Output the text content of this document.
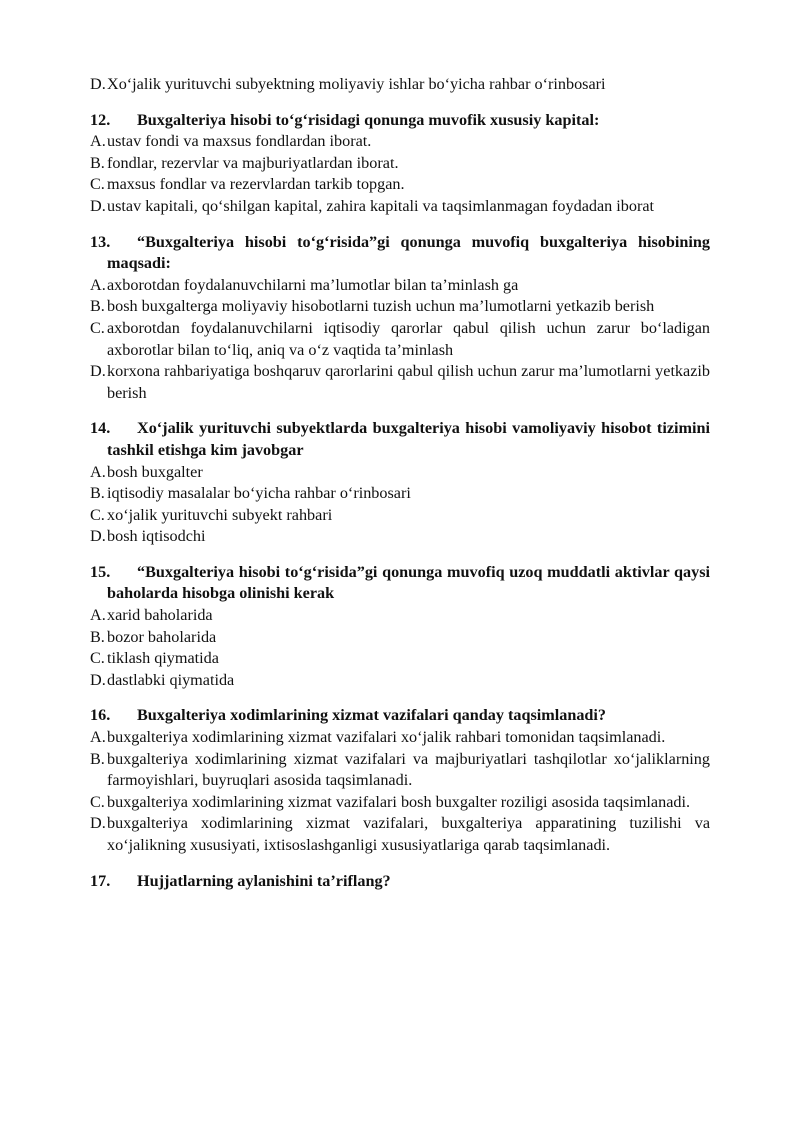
D. Xo‘jalik yurituvchi subyektning moliyaviy ishlar bo‘yicha rahbar o‘rinbosari
12. Buxgalteriya hisobi to‘g‘risidagi qonunga muvofik xususiy kapital:
A. ustav fondi va maxsus fondlardan iborat.
B. fondlar, rezervlar va majburiyatlardan iborat.
C. maxsus fondlar va rezervlardan tarkib topgan.
D. ustav kapitali, qo‘shilgan kapital, zahira kapitali va taqsimlanmagan foydadan iborat
13. “Buxgalteriya hisobi to‘g‘risida”gi qonunga muvofiq buxgalteriya hisobining maqsadi:
A. axborotdan foydalanuvchilarni ma’lumotlar bilan ta’minlash ga
B. bosh buxgalterga moliyaviy hisobotlarni tuzish uchun ma’lumotlarni yetkazib berish
C. axborotdan foydalanuvchilarni iqtisodiy qarorlar qabul qilish uchun zarur bo‘ladigan axborotlar bilan to‘liq, aniq va o‘z vaqtida ta’minlash
D. korxona rahbariyatiga boshqaruv qarorlarini qabul qilish uchun zarur ma’lumotlarni yetkazib berish
14. Xo‘jalik yurituvchi subyektlarda buxgalteriya hisobi vamoliyaviy hisobot tizimini tashkil etishga kim javobgar
A. bosh buxgalter
B. iqtisodiy masalalar bo‘yicha rahbar o‘rinbosari
C. xo‘jalik yurituvchi subyekt rahbari
D. bosh iqtisodchi
15. “Buxgalteriya hisobi to‘g‘risida”gi qonunga muvofiq uzoq muddatli aktivlar qaysi baholarda hisobga olinishi kerak
A. xarid baholarida
B. bozor baholarida
C. tiklash qiymatida
D. dastlabki qiymatida
16. Buxgalteriya xodimlarining xizmat vazifalari qanday taqsimlanadi?
A. buxgalteriya xodimlarining xizmat vazifalari xo‘jalik rahbari tomonidan taqsimlanadi.
B. buxgalteriya xodimlarining xizmat vazifalari va majburiyatlari tashqilotlar xo‘jaliklarning farmoyishlari, buyruqlari asosida taqsimlanadi.
C. buxgalteriya xodimlarining xizmat vazifalari bosh buxgalter roziligi asosida taqsimlanadi.
D. buxgalteriya xodimlarining xizmat vazifalari, buxgalteriya apparatining tuzilishi va xo‘jalikning xususiyati, ixtisoslashganligi xususiyatlariga qarab taqsimlanadi.
17. Hujjatlarning aylanishini ta’riflang?
